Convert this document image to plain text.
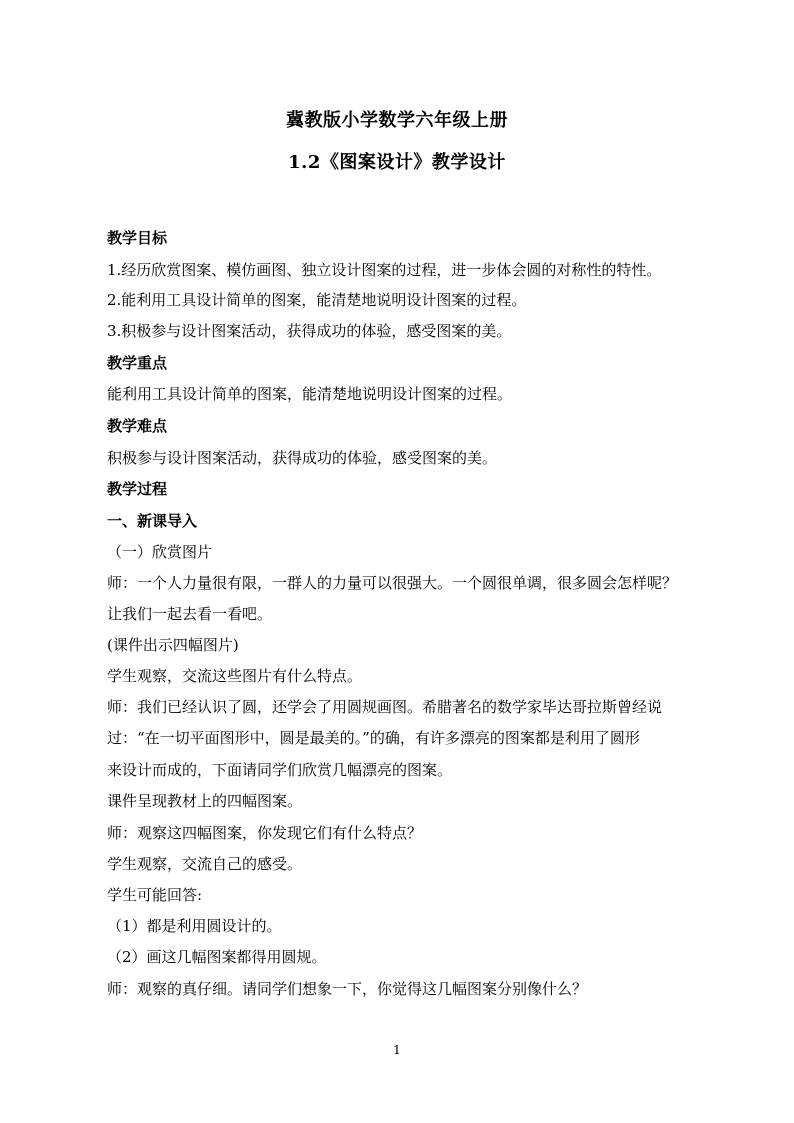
冀教版小学数学六年级上册
1.2《图案设计》教学设计
教学目标
1.经历欣赏图案、模仿画图、独立设计图案的过程，进一步体会圆的对称性的特性。
2.能利用工具设计简单的图案，能清楚地说明设计图案的过程。
3.积极参与设计图案活动，获得成功的体验，感受图案的美。
教学重点
能利用工具设计简单的图案，能清楚地说明设计图案的过程。
教学难点
积极参与设计图案活动，获得成功的体验，感受图案的美。
教学过程
一、新课导入
（一）欣赏图片
师：一个人力量很有限，一群人的力量可以很强大。一个圆很单调，很多圆会怎样呢？
让我们一起去看一看吧。
(课件出示四幅图片)
学生观察，交流这些图片有什么特点。
师：我们已经认识了圆，还学会了用圆规画图。希腊著名的数学家毕达哥拉斯曾经说
过：“在一切平面图形中，圆是最美的。”的确，有许多漂亮的图案都是利用了圆形
来设计而成的，下面请同学们欣赏几幅漂亮的图案。
课件呈现教材上的四幅图案。
师：观察这四幅图案，你发现它们有什么特点？
学生观察，交流自己的感受。
学生可能回答:
（1）都是利用圆设计的。
（2）画这几幅图案都得用圆规。
师：观察的真仔细。请同学们想象一下，你觉得这几幅图案分别像什么？
1
